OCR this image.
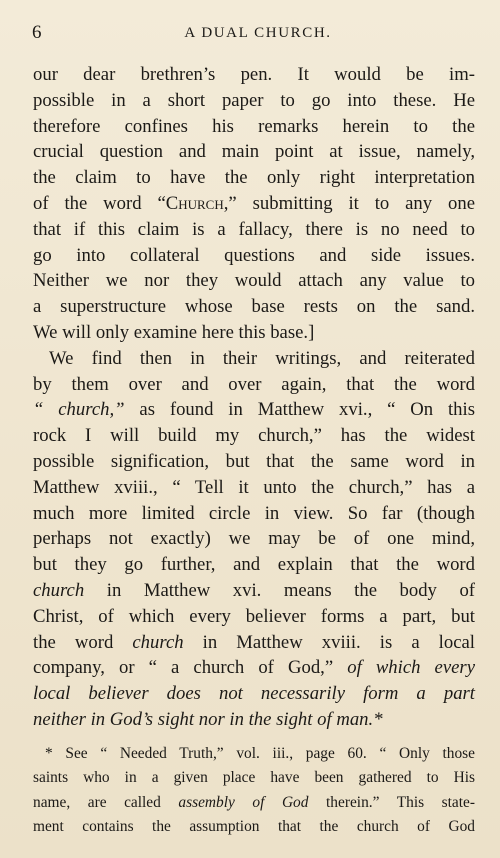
6	A DUAL CHURCH.
our dear brethren’s pen. It would be im-
possible in a short paper to go into these. He
therefore confines his remarks herein to the
crucial question and main point at issue, namely,
the claim to have the only right interpretation
of the word “Church,” submitting it to any one
that if this claim is a fallacy, there is no need to
go into collateral questions and side issues.
Neither we nor they would attach any value to
a superstructure whose base rests on the sand.
We will only examine here this base.]
We find then in their writings, and reiterated
by them over and over again, that the word
“ church,” as found in Matthew xvi., “ On this
rock I will build my church,” has the widest
possible signification, but that the same word in
Matthew xviii., “ Tell it unto the church,” has a
much more limited circle in view. So far (though
perhaps not exactly) we may be of one mind,
but they go further, and explain that the word
church in Matthew xvi. means the body of
Christ, of which every believer forms a part, but
the word church in Matthew xviii. is a local
company, or “ a church of God,” of which every
local believer does not necessarily form a part
neither in God’s sight nor in the sight of man.*
* See “ Needed Truth,” vol. iii., page 60. “ Only those
saints who in a given place have been gathered to His
name, are called assembly of God therein.” This state-
ment contains the assumption that the church of God
